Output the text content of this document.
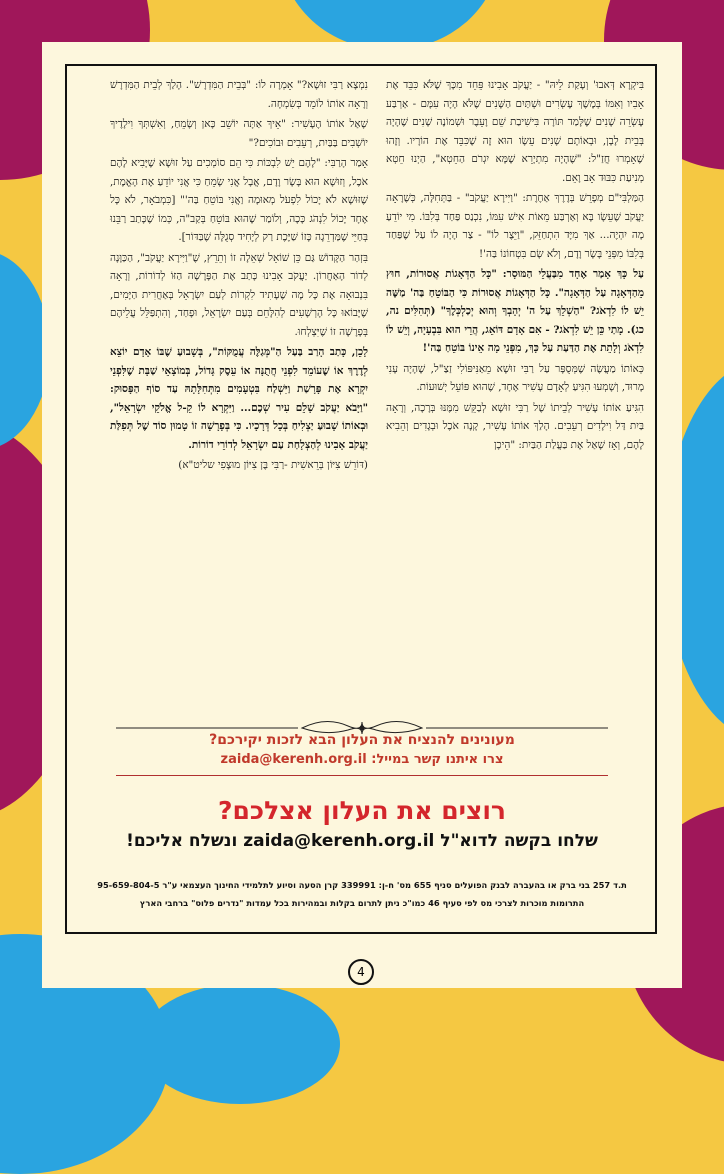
בִּיקְרָא דְּאבוּ' וְעָקַת לֵיהּ" - יַעֲקֹב אָבִינוּ פֵּחֵד מִכָּךְ שֶׁלֹּא כִּבֵּד אֶת אָבִיו וְאִמּוֹ בְּמֶשֶׁךְ עֶשְׂרִים וּשְׁתַּיִם הַשָּׁנִים שֶׁלֹּא הָיָה עִמָּם - אַרְבַּע עֶשְׂרֵה שָׁנִים שֶׁלָּמַד תּוֹרָה בִּישִׁיבַת שֵׁם וָעֵבֶר וּשְׁמוֹנֶה שָׁנִים שֶׁהָיָה בְּבֵית לָבָן, וּבְאוֹתָם שָׁנִים עֵשָׂו הוּא זֶה שֶׁכִּבֵּד אֶת הוֹרָיו. וְזֶהוּ שֶׁאָמְרוּ חֲזַ"ל: "שֶׁהָיָה מִתְיָרֵא שֶׁמָּא יִגְרֹם הַחֵטְא", הַיְנוּ חֵטְא מְנִיעַת כִּבּוּד אָב וָאֵם.

הַמַּלְבִּי"ם מְפָרֵשׁ בְּדֶרֶךְ אַחֶרֶת: "וַיִּירָא יַעֲקֹב" - בַּתְּחִלָּה, כְּשֶׁרָאָה יַעֲקֹב שֶׁעֵשָׂו בָּא וְאַרְבַּע מֵאוֹת אִישׁ עִמּוֹ, נִכְנַס פַּחַד בְּלִבּוֹ. מִי יוֹדֵעַ מָה יִהְיֶה... אַךְ מִיָּד הִתְחַזֵּק, "וַיֵּצֶר לוֹ" - צַר הָיָה לוֹ עַל שֶׁפַּחַד בְּלִבּוֹ מִפְּנֵי בָּשָׂר וָדָם, וְלֹא שָׂם בִּטְחוֹנוֹ בַּה'!

עַל כָּךְ אָמַר אֶחָד מִבַּעֲלֵי הַמּוּסָר: "כָּל הַדְּאָגוֹת אֲסוּרוֹת, חוּץ מֵהַדְּאָגָה עַל הַדְּאָגָה". כָּל הַדְּאָגוֹת אֲסוּרוֹת כִּי הַבּוֹטֵחַ בַּה' מַשֶּׁה יֵשׁ לוֹ לִדְאֹג? "הַשְׁלֵךְ עַל ה' יְהָבְךָ וְהוּא יְכַלְכְּלֶךָ" (תְּהִלִּים נה, כג). מָתַי כֵּן יֵשׁ לִדְאֹג? - אִם אָדָם דּוֹאֵג, הֲרֵי הוּא בִּבְעָיָה, וְיֵשׁ לוֹ לִדְאֹג וְלָתֵת אֶת הַדַּעַת עַל כָּךְ, מִפְּנֵי מָה אֵינוֹ בּוֹטֵחַ בַּה'!

כְּאוֹתוֹ מַעֲשֶׂה שֶׁמְּסֻפָּר עַל רַבִּי זוּשָׁא מֵאַנִּיפּוֹלִי זַצַ"ל, שֶׁהָיָה עָנִי מָרוּד, וְשָׁמְעוּ הִגִּיעַ לְאָדָם עָשִׁיר אֶחָד, שֶׁהוּא פּוֹעֵל יְשׁוּעוֹת.

הִגִּיעַ אוֹתוֹ עָשִׁיר לְבֵיתוֹ שֶׁל רַבִּי זוּשָׁא לְבַקֵּשׁ מִמֶּנּוּ בְּרָכָה, וְרָאָה בַּיִת דַּל וִילָדִים רְעֵבִים. הָלַךְ אוֹתוֹ עָשִׁיר, קָנָה אֹכֶל וּבְגָדִים וְהֵבִיא לָהֶם, וְאָז שָׁאַל אֶת בַּעֲלַת הַבַּיִת: "הֵיכָן

נִמְצָא רַבִּי זוּשָׁא?" אָמְרָה לוֹ: "בְּבֵית הַמִּדְרָשׁ". הָלַךְ לְבֵית הַמִּדְרָשׁ וְרָאָה אוֹתוֹ לוֹמֵד בְּשִׂמְחָה.

שָׁאַל אוֹתוֹ הֶעָשִׁיר: "אֵיךְ אַתָּה יוֹשֵׁב כָּאן וְשָׂמֵחַ, וְאִשְׁתְּךָ וִילָדֶיךָ יוֹשְׁבִים בַּבַּיִת, רְעֵבִים וּבוֹכִים?"

אָמַר הָרַבִּי: "לָהֶם יֵשׁ לִבְכּוֹת כִּי הֵם סוֹמְכִים עַל זוּשָׁא שֶׁיָּבִיא לָהֶם אֹכֶל, וְזוּשָׁא הוּא בָּשָׂר וָדָם, אֲבָל אֲנִי שָׂמֵחַ כִּי אֲנִי יוֹדֵעַ אֶת הָאֱמֶת, שֶׁזּוּשָׁא לֹא יָכוֹל לִפְעֹל מְאוּמָה וַאֲנִי בּוֹטֵחַ בַּה'" [כִּמְבֹאָר, לֹא כָּל אֶחָד יָכוֹל לִנְהֹג כָּכָה, וְלוֹמַר שֶׁהוּא בּוֹטֵחַ בְּקַב"ה, כְּמוֹ שֶׁכָּתַב רַבֵּנוּ בְּחַיֵּי שֶׁמַּדְרֵגָה כָּזוֹ שַׁיֶּכֶת רַק לְיָחִיד סְגֻלָּה שֶׁבַּדּוֹר].

בִּזְהַר הַקָּדוֹשׁ גַּם כֵּן שׁוֹאֵל שְׁאֵלָה זוֹ וְתֵרֵץ, שֶׁ"וַיִּירָא יַעֲקֹב", הַכַּוָּנָה לְדוֹר הָאַחֲרוֹן. יַעֲקֹב אָבִינוּ כָּתַב אֶת הַפָּרָשָׁה הַזּוֹ לְדוֹרוֹת, וְרָאָה בִּנְבוּאָה אֶת כָּל מָה שֶׁעָתִיד לִקְרוֹת לְעַם יִשְׂרָאֵל בְּאַחֲרִית הַיָּמִים, שֶׁיָּבוֹאוּ כָּל הָרְשָׁעִים לְהִלָּחֵם בְּעַם יִשְׂרָאֵל, וּפָחַד, וְהִתְפַּלֵּל עֲלֵיהֶם בְּפָרָשָׁה זוֹ שֶׁיִּצְלְחוּ.

לָכֵן, כָּתַב הָרַב בַּעַל הַ"מְּגַלֶּה עֲמֻקּוֹת", בְּשָׁבוּעַ שֶׁבּוֹ אָדָם יוֹצֵא לְדֶרֶךְ אוֹ שֶׁעוֹמֵד לִפְנֵי חֲתֻנָּה אוֹ עֵסֶק גָּדוֹל, בְּמוֹצָאֵי שַׁבָּת שֶׁלִּפְנֵי יִקְרָא אֶת פָּרָשַׁת וַיִּשְׁלַח בִּטְעָמִים מִתְּחִלָּתָהּ עַד סוֹף הַפָּסוּק: "וַיָּבֹא יַעֲקֹב שָׁלֵם עִיר שְׁכֶם... וַיִּקְרָא לוֹ קֵ-ל אֱלֹקֵי יִשְׂרָאֵל", וּבְאוֹתוֹ שָׁבוּעַ יַצְלִיחַ בְּכָל דְּרָכָיו. כִּי בְּפָרָשָׁה זוֹ טָמוּן סוֹד שֶׁל תְּפִלַּת יַעֲקֹב אָבִינוּ לְהַצְלָחַת עַם יִשְׂרָאֵל לְדוֹרֵי דוֹרוֹת.

(דּוֹרֵשׁ צִיּוֹן בְּרֵאשִׁית -רַבִּי בֶּן צִיּוֹן מוּצָפִי שליט"א)

מעונינים להנציח את העלון הבא לזכות יקירכם?
צרו איתנו קשר במייל: zaida@kerenh.org.il
רוצים את העלון אצלכם?
שלחו בקשה לדוא"ל zaida@kerenh.org.il ונשלח אליכם!
ת.ד 257 בני ברק או בהעברה לבנק הפועלים סניף 655 מס' ח-ן: 339991 קרן הסעה וסיוע לתלמידי החינוך העצמאי ע"ר 95-659-804-5
התרומות מוכרות לצרכי מס לפי סעיף 46 כמו"כ ניתן לתרום בקלות ובמהירות בכל עמדות "נדרים פלוס" ברחבי הארץ
4
